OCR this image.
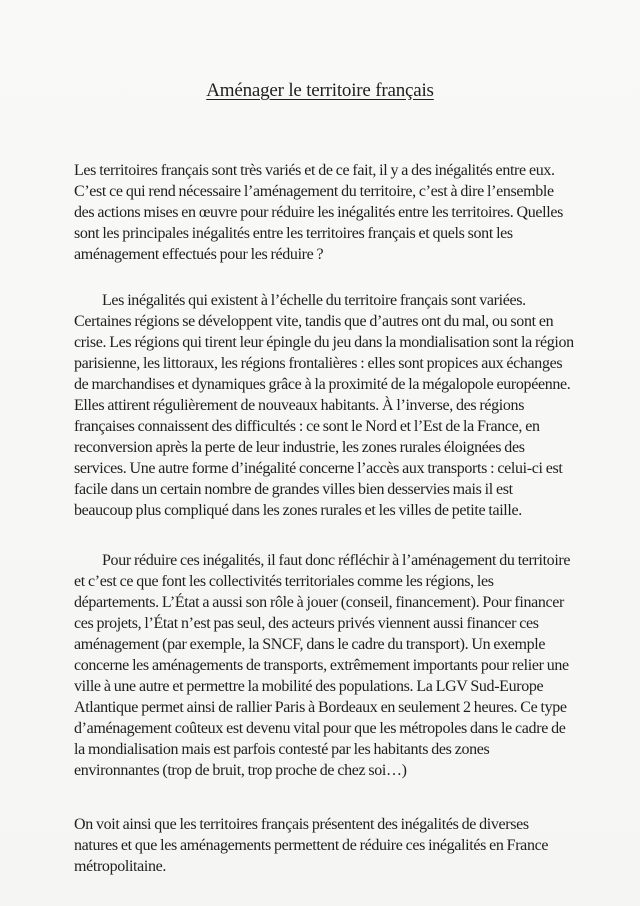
Aménager le territoire français

Les territoires français sont très variés et de ce fait, il y a des inégalités entre eux. C’est ce qui rend nécessaire l’aménagement du territoire, c’est à dire l’ensemble des actions mises en œuvre pour réduire les inégalités entre les territoires. Quelles sont les principales inégalités entre les territoires français et quels sont les aménagement effectués pour les réduire ?

Les inégalités qui existent à l’échelle du territoire français sont variées. Certaines régions se développent vite, tandis que d’autres ont du mal, ou sont en crise. Les régions qui tirent leur épingle du jeu dans la mondialisation sont la région parisienne, les littoraux, les régions frontalières : elles sont propices aux échanges de marchandises et dynamiques grâce à la proximité de la mégalopole européenne. Elles attirent régulièrement de nouveaux habitants. À l’inverse, des régions françaises connaissent des difficultés : ce sont le Nord et l’Est de la France, en reconversion après la perte de leur industrie, les zones rurales éloignées des services. Une autre forme d’inégalité concerne l’accès aux transports : celui-ci est facile dans un certain nombre de grandes villes bien desservies mais il est beaucoup plus compliqué dans les zones rurales et les villes de petite taille.

Pour réduire ces inégalités, il faut donc réfléchir à l’aménagement du territoire et c’est ce que font les collectivités territoriales comme les régions, les départements. L’État a aussi son rôle à jouer (conseil, financement). Pour financer ces projets, l’État n’est pas seul, des acteurs privés viennent aussi financer ces aménagement (par exemple, la SNCF, dans le cadre du transport). Un exemple concerne les aménagements de transports, extrêmement importants pour relier une ville à une autre et permettre la mobilité des populations. La LGV Sud-Europe Atlantique permet ainsi de rallier Paris à Bordeaux en seulement 2 heures. Ce type d’aménagement coûteux est devenu vital pour que les métropoles dans le cadre de la mondialisation mais est parfois contesté par les habitants des zones environnantes (trop de bruit, trop proche de chez soi…)

On voit ainsi que les territoires français présentent des inégalités de diverses natures et que les aménagements permettent de réduire ces inégalités en France métropolitaine.
